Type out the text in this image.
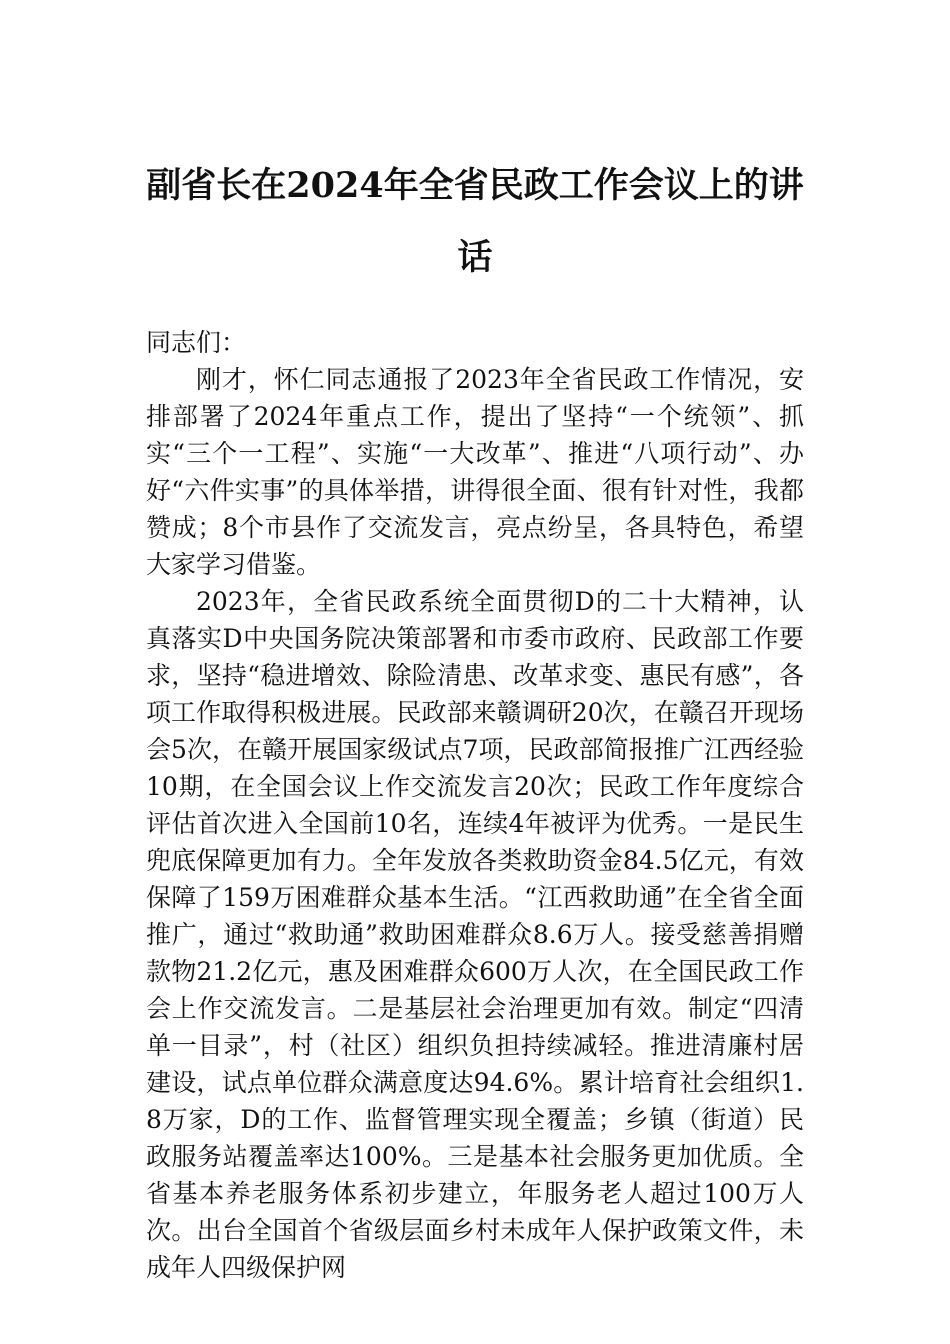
副省长在2024年全省民政工作会议上的讲话

同志们：

刚才，怀仁同志通报了2023年全省民政工作情况，安排部署了2024年重点工作，提出了坚持“一个统领”、抓实“三个一工程”、实施“一大改革”、推进“八项行动”、办好“六件实事”的具体举措，讲得很全面、很有针对性，我都赞成；8个市县作了交流发言，亮点纷呈，各具特色，希望大家学习借鉴。

2023年，全省民政系统全面贯彻D的二十大精神，认真落实D中央国务院决策部署和市委市政府、民政部工作要求，坚持“稳进增效、除险清患、改革求变、惠民有感”，各项工作取得积极进展。民政部来赣调研20次，在赣召开现场会5次，在赣开展国家级试点7项，民政部简报推广江西经验10期，在全国会议上作交流发言20次；民政工作年度综合评估首次进入全国前10名，连续4年被评为优秀。一是民生兜底保障更加有力。全年发放各类救助资金84.5亿元，有效保障了159万困难群众基本生活。“江西救助通”在全省全面推广，通过“救助通”救助困难群众8.6万人。接受慈善捐赠款物21.2亿元，惠及困难群众600万人次，在全国民政工作会上作交流发言。二是基层社会治理更加有效。制定“四清单一目录”，村（社区）组织负担持续减轻。推进清廉村居建设，试点单位群众满意度达94.6%。累计培育社会组织1.8万家，D的工作、监督管理实现全覆盖；乡镇（街道）民政服务站覆盖率达100%。三是基本社会服务更加优质。全省基本养老服务体系初步建立，年服务老人超过100万人次。出台全国首个省级层面乡村未成年人保护政策文件，未成年人四级保护网
